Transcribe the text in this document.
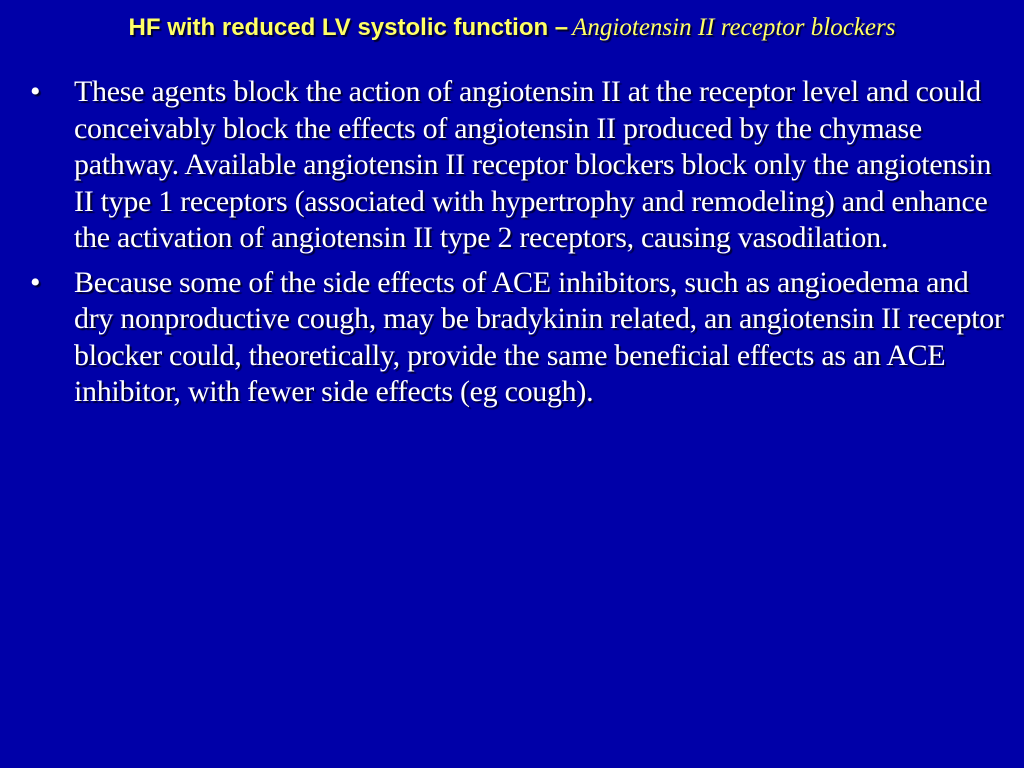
HF with reduced LV systolic function – Angiotensin II receptor blockers
•	These agents block the action of angiotensin II at the receptor level and could conceivably block the effects of angiotensin II produced by the chymase pathway. Available angiotensin II receptor blockers block only the angiotensin II type 1 receptors (associated with hypertrophy and remodeling) and enhance the activation of angiotensin II type 2 receptors, causing vasodilation.
•	Because some of the side effects of ACE inhibitors, such as angioedema and dry nonproductive cough, may be bradykinin related, an angiotensin II receptor blocker could, theoretically, provide the same beneficial effects as an ACE inhibitor, with fewer side effects (eg cough).
